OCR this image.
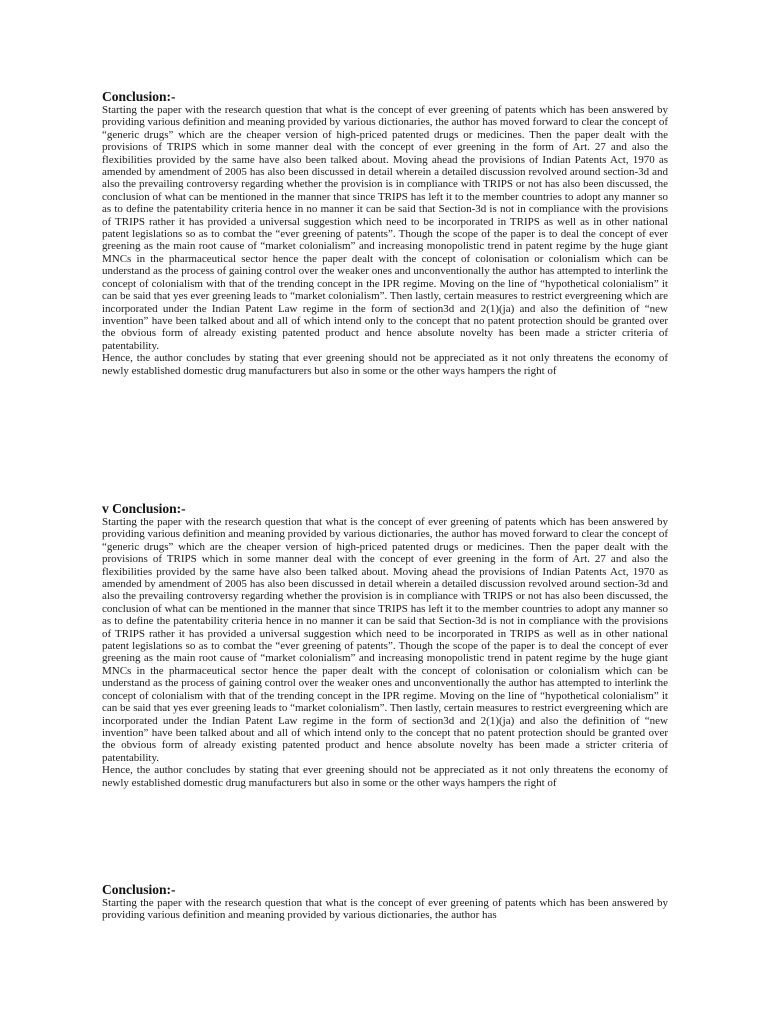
Conclusion:-

Starting the paper with the research question that what is the concept of ever greening of patents which has been answered by providing various definition and meaning provided by various dictionaries, the author has moved forward to clear the concept of “generic drugs” which are the cheaper version of high-priced patented drugs or medicines. Then the paper dealt with the provisions of TRIPS which in some manner deal with the concept of ever greening in the form of Art. 27 and also the flexibilities provided by the same have also been talked about. Moving ahead the provisions of Indian Patents Act, 1970 as amended by amendment of 2005 has also been discussed in detail wherein a detailed discussion revolved around section-3d and also the prevailing controversy regarding whether the provision is in compliance with TRIPS or not has also been discussed, the conclusion of what can be mentioned in the manner that since TRIPS has left it to the member countries to adopt any manner so as to define the patentability criteria hence in no manner it can be said that Section-3d is not in compliance with the provisions of TRIPS rather it has provided a universal suggestion which need to be incorporated in TRIPS as well as in other national patent legislations so as to combat the “ever greening of patents”. Though the scope of the paper is to deal the concept of ever greening as the main root cause of “market colonialism” and increasing monopolistic trend in patent regime by the huge giant MNCs in the pharmaceutical sector hence the paper dealt with the concept of colonisation or colonialism which can be understand as the process of gaining control over the weaker ones and unconventionally the author has attempted to interlink the concept of colonialism with that of the trending concept in the IPR regime. Moving on the line of “hypothetical colonialism” it can be said that yes ever greening leads to “market colonialism”. Then lastly, certain measures to restrict evergreening which are incorporated under the Indian Patent Law regime in the form of section3d and 2(1)(ja) and also the definition of “new invention” have been talked about and all of which intend only to the concept that no patent protection should be granted over the obvious form of already existing patented product and hence absolute novelty has been made a stricter criteria of patentability.

Hence, the author concludes by stating that ever greening should not be appreciated as it not only threatens the economy of newly established domestic drug manufacturers but also in some or the other ways hampers the right of

v Conclusion:-

Starting the paper with the research question that what is the concept of ever greening of patents which has been answered by providing various definition and meaning provided by various dictionaries, the author has moved forward to clear the concept of “generic drugs” which are the cheaper version of high-priced patented drugs or medicines. Then the paper dealt with the provisions of TRIPS which in some manner deal with the concept of ever greening in the form of Art. 27 and also the flexibilities provided by the same have also been talked about. Moving ahead the provisions of Indian Patents Act, 1970 as amended by amendment of 2005 has also been discussed in detail wherein a detailed discussion revolved around section-3d and also the prevailing controversy regarding whether the provision is in compliance with TRIPS or not has also been discussed, the conclusion of what can be mentioned in the manner that since TRIPS has left it to the member countries to adopt any manner so as to define the patentability criteria hence in no manner it can be said that Section-3d is not in compliance with the provisions of TRIPS rather it has provided a universal suggestion which need to be incorporated in TRIPS as well as in other national patent legislations so as to combat the “ever greening of patents”. Though the scope of the paper is to deal the concept of ever greening as the main root cause of “market colonialism” and increasing monopolistic trend in patent regime by the huge giant MNCs in the pharmaceutical sector hence the paper dealt with the concept of colonisation or colonialism which can be understand as the process of gaining control over the weaker ones and unconventionally the author has attempted to interlink the concept of colonialism with that of the trending concept in the IPR regime. Moving on the line of “hypothetical colonialism” it can be said that yes ever greening leads to “market colonialism”. Then lastly, certain measures to restrict evergreening which are incorporated under the Indian Patent Law regime in the form of section3d and 2(1)(ja) and also the definition of “new invention” have been talked about and all of which intend only to the concept that no patent protection should be granted over the obvious form of already existing patented product and hence absolute novelty has been made a stricter criteria of patentability.

Hence, the author concludes by stating that ever greening should not be appreciated as it not only threatens the economy of newly established domestic drug manufacturers but also in some or the other ways hampers the right of

Conclusion:-

Starting the paper with the research question that what is the concept of ever greening of patents which has been answered by providing various definition and meaning provided by various dictionaries, the author has
